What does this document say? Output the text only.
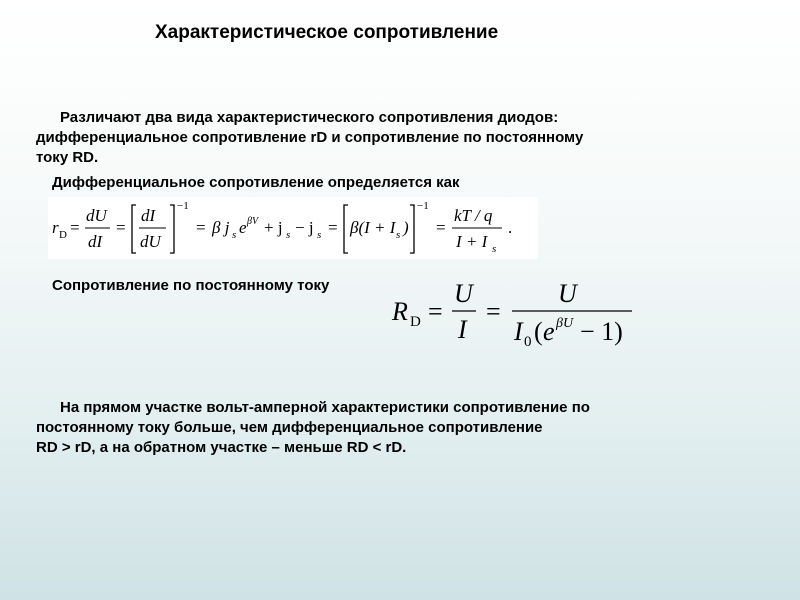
Характеристическое сопротивление
Различают два вида характеристического сопротивления диодов:
дифференциальное сопротивление rD и сопротивление по постоянному
току RD.
Дифференциальное сопротивление определяется как
r D =
dU
dI
=
dI
dU
−1
= β j s e βV + j s − j s = β(I + I s )
−1
=
kT / q
I + I s
.
Сопротивление по постоянному току
R D =
U
I
=
U
I 0 ( e βU − 1)
На прямом участке вольт-амперной характеристики сопротивление по
постоянному току больше, чем дифференциальное сопротивление
RD > rD, а на обратном участке – меньше RD < rD.
